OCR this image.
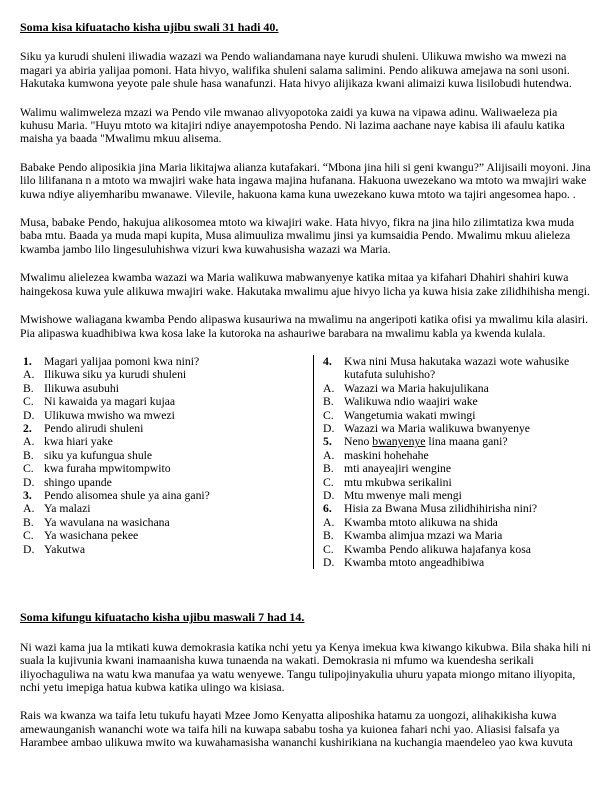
Soma kisa kifuatacho kisha ujibu swali 31 hadi 40.

Siku ya kurudi shuleni iliwadia wazazi wa Pendo waliandamana naye kurudi shuleni. Ulikuwa mwisho wa mwezi na magari ya abiria yalijaa pomoni. Hata hivyo, walifika shuleni salama salimini. Pendo alikuwa amejawa na soni usoni. Hakutaka kumwona yeyote pale shule hasa wanafunzi. Hata hivyo alijikaza kwani alimaizi kuwa lisilobudi hutendwa.

Walimu walimweleza mzazi wa Pendo vile mwanao alivyopotoka zaidi ya kuwa na vipawa adinu. Waliwaeleza pia kuhusu Maria. "Huyu mtoto wa kitajiri ndiye anayempotosha Pendo. Ni lazima aachane naye kabisa ili afaulu katika maisha ya baada "Mwalimu mkuu alisema.

Babake Pendo aliposikia jina Maria likitajwa alianza kutafakari. “Mbona jina hili si geni kwangu?” Alijisaili moyoni. Jina lilo lilifanana n a mtoto wa mwajiri wake hata ingawa majina hufanana. Hakuona uwezekano wa mtoto wa mwajiri wake kuwa ndiye aliyemharibu mwanawe. Vilevile, hakuona kama kuna uwezekano kuwa mtoto wa tajiri angesomea hapo. .

Musa, babake Pendo, hakujua alikosomea mtoto wa kiwajiri wake. Hata hivyo, fikra na jina hilo zilimtatiza kwa muda baba mtu. Baada ya muda mapi kupita, Musa alimuuliza mwalimu jinsi ya kumsaidia Pendo. Mwalimu mkuu alieleza kwamba jambo lilo lingesuluhishwa vizuri kwa kuwahusisha wazazi wa Maria.

Mwalimu alielezea kwamba wazazi wa Maria walikuwa mabwanyenye katika mitaa ya kifahari Dhahiri shahiri kuwa haingekosa kuwa yule alikuwa mwajiri wake. Hakutaka mwalimu ajue hivyo licha ya kuwa hisia zake zilidhihisha mengi.

Mwishowe waliagana kwamba Pendo alipaswa kusauriwa na mwalimu na angeripoti katika ofisi ya mwalimu kila alasiri. Pia alipaswa kuadhibiwa kwa kosa lake la kutoroka na ashauriwe barabara na mwalimu kabla ya kwenda kulala.

1.	Magari yalijaa pomoni kwa nini?
A. Ilikuwa siku ya kurudi shuleni
B. Ilikuwa asubuhi
C. Ni kawaida ya magari kujaa
D. Ulikuwa mwisho wa mwezi
2.	Pendo alirudi shuleni
A. kwa hiari yake
B. siku ya kufungua shule
C. kwa furaha mpwitompwito
D. shingo upande
3.	Pendo alisomea shule ya aina gani?
A. Ya malazi
B. Ya wavulana na wasichana
C. Ya wasichana pekee
D. Yakutwa
4.	Kwa nini Musa hakutaka wazazi wote wahusike kutafuta suluhisho?
A. Wazazi wa Maria hakujulikana
B. Walikuwa ndio waajiri wake
C. Wangetumia wakati mwingi
D. Wazazi wa Maria walikuwa bwanyenye
5.	Neno bwanyenye lina maana gani?
A. maskini hohehahe
B. mti anayeajiri wengine
C. mtu mkubwa serikalini
D. Mtu mwenye mali mengi
6.	Hisia za Bwana Musa zilidhihirisha nini?
A. Kwamba mtoto alikuwa na shida
B. Kwamba alimjua mzazi wa Maria
C. Kwamba Pendo alikuwa hajafanya kosa
D. Kwamba mtoto angeadhibiwa
Soma kifungu kifuatacho kisha ujibu maswali 7 had 14.

Ni wazi kama jua la mtikati kuwa demokrasia katika nchi yetu ya Kenya imekua kwa kiwango kikubwa. Bila shaka hili ni suala la kujivunia kwani inamaanisha kuwa tunaenda na wakati. Demokrasia ni mfumo wa kuendesha serikali iliyochaguliwa na watu kwa manufaa ya watu wenyewe. Tangu tulipojinyakulia uhuru yapata miongo mitano iliyopita, nchi yetu imepiga hatua kubwa katika ulingo wa kisiasa.

Rais wa kwanza wa taifa letu tukufu hayati Mzee Jomo Kenyatta aliposhika hatamu za uongozi, alihakikisha kuwa amewaunganish wananchi wote wa taifa hili na kuwapa sababu tosha ya kuionea fahari nchi yao. Aliasisi falsafa ya Harambee ambao ulikuwa mwito wa kuwahamasisha wananchi kushirikiana na kuchangia maendeleo yao kwa kuvuta
